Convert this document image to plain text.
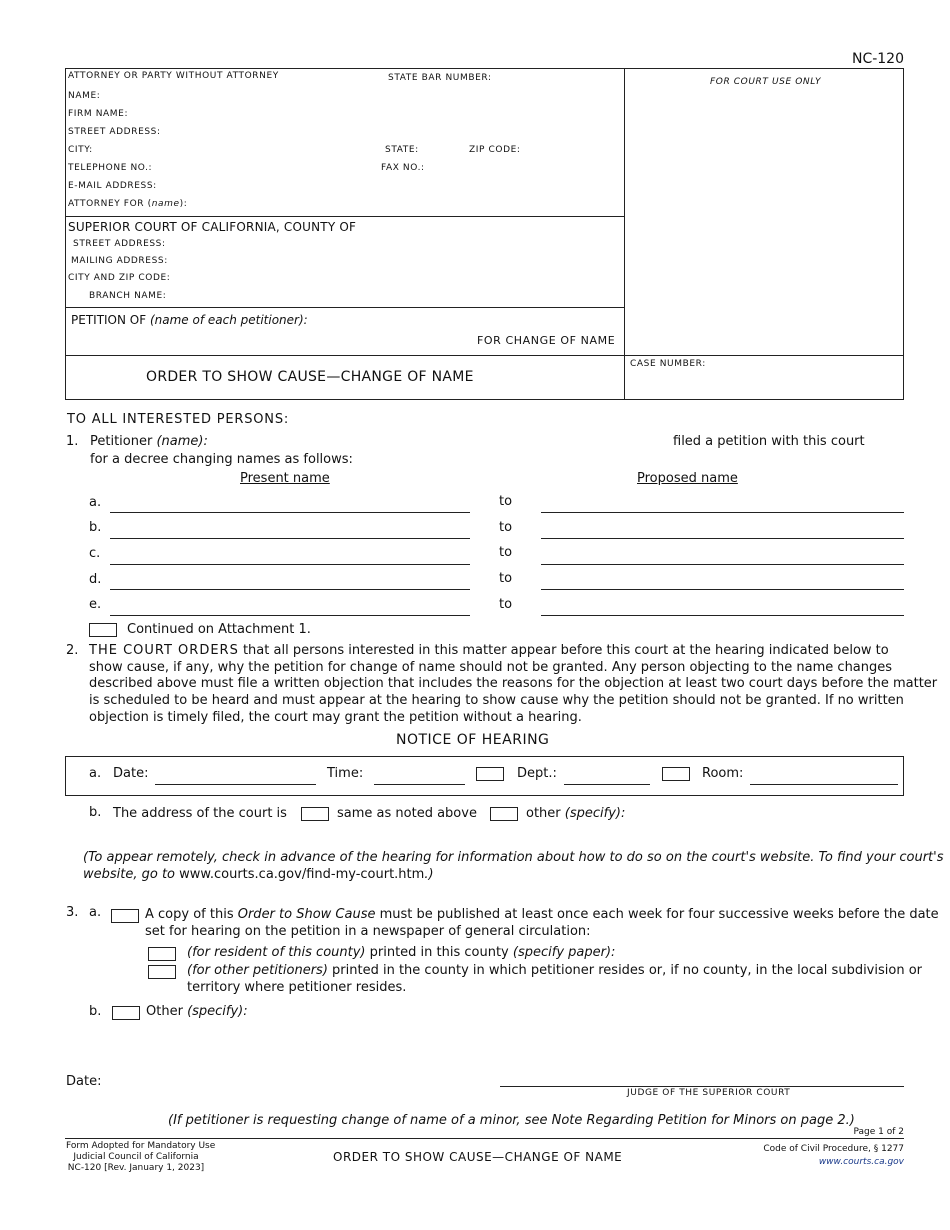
NC-120
ATTORNEY OR PARTY WITHOUT ATTORNEY	STATE BAR NUMBER:	FOR COURT USE ONLY
NAME:
FIRM NAME:
STREET ADDRESS:
CITY:	STATE:	ZIP CODE:
TELEPHONE NO.:	FAX NO.:
E-MAIL ADDRESS:
ATTORNEY FOR (name):
SUPERIOR COURT OF CALIFORNIA, COUNTY OF
STREET ADDRESS:
MAILING ADDRESS:
CITY AND ZIP CODE:
BRANCH NAME:
PETITION OF (name of each petitioner):
FOR CHANGE OF NAME
ORDER TO SHOW CAUSE—CHANGE OF NAME
CASE NUMBER:
TO ALL INTERESTED PERSONS:
1. Petitioner (name):	filed a petition with this court
for a decree changing names as follows:
Present name	Proposed name
a.	to
b.	to
c.	to
d.	to
e.	to
Continued on Attachment 1.
2. THE COURT ORDERS that all persons interested in this matter appear before this court at the hearing indicated below to
show cause, if any, why the petition for change of name should not be granted. Any person objecting to the name changes
described above must file a written objection that includes the reasons for the objection at least two court days before the matter
is scheduled to be heard and must appear at the hearing to show cause why the petition should not be granted. If no written
objection is timely filed, the court may grant the petition without a hearing.
NOTICE OF HEARING
a. Date:	Time:	Dept.:	Room:
b. The address of the court is	same as noted above	other (specify):
(To appear remotely, check in advance of the hearing for information about how to do so on the court's website. To find your court's
website, go to www.courts.ca.gov/find-my-court.htm.)
3. a.	A copy of this Order to Show Cause must be published at least once each week for four successive weeks before the date
set for hearing on the petition in a newspaper of general circulation:
(for resident of this county) printed in this county (specify paper):
(for other petitioners) printed in the county in which petitioner resides or, if no county, in the local subdivision or
territory where petitioner resides.
b.	Other (specify):
Date:
JUDGE OF THE SUPERIOR COURT
(If petitioner is requesting change of name of a minor, see Note Regarding Petition for Minors on page 2.)
Page 1 of 2
Form Adopted for Mandatory Use
Judicial Council of California
NC-120 [Rev. January 1, 2023]
ORDER TO SHOW CAUSE—CHANGE OF NAME
Code of Civil Procedure, § 1277
www.courts.ca.gov
